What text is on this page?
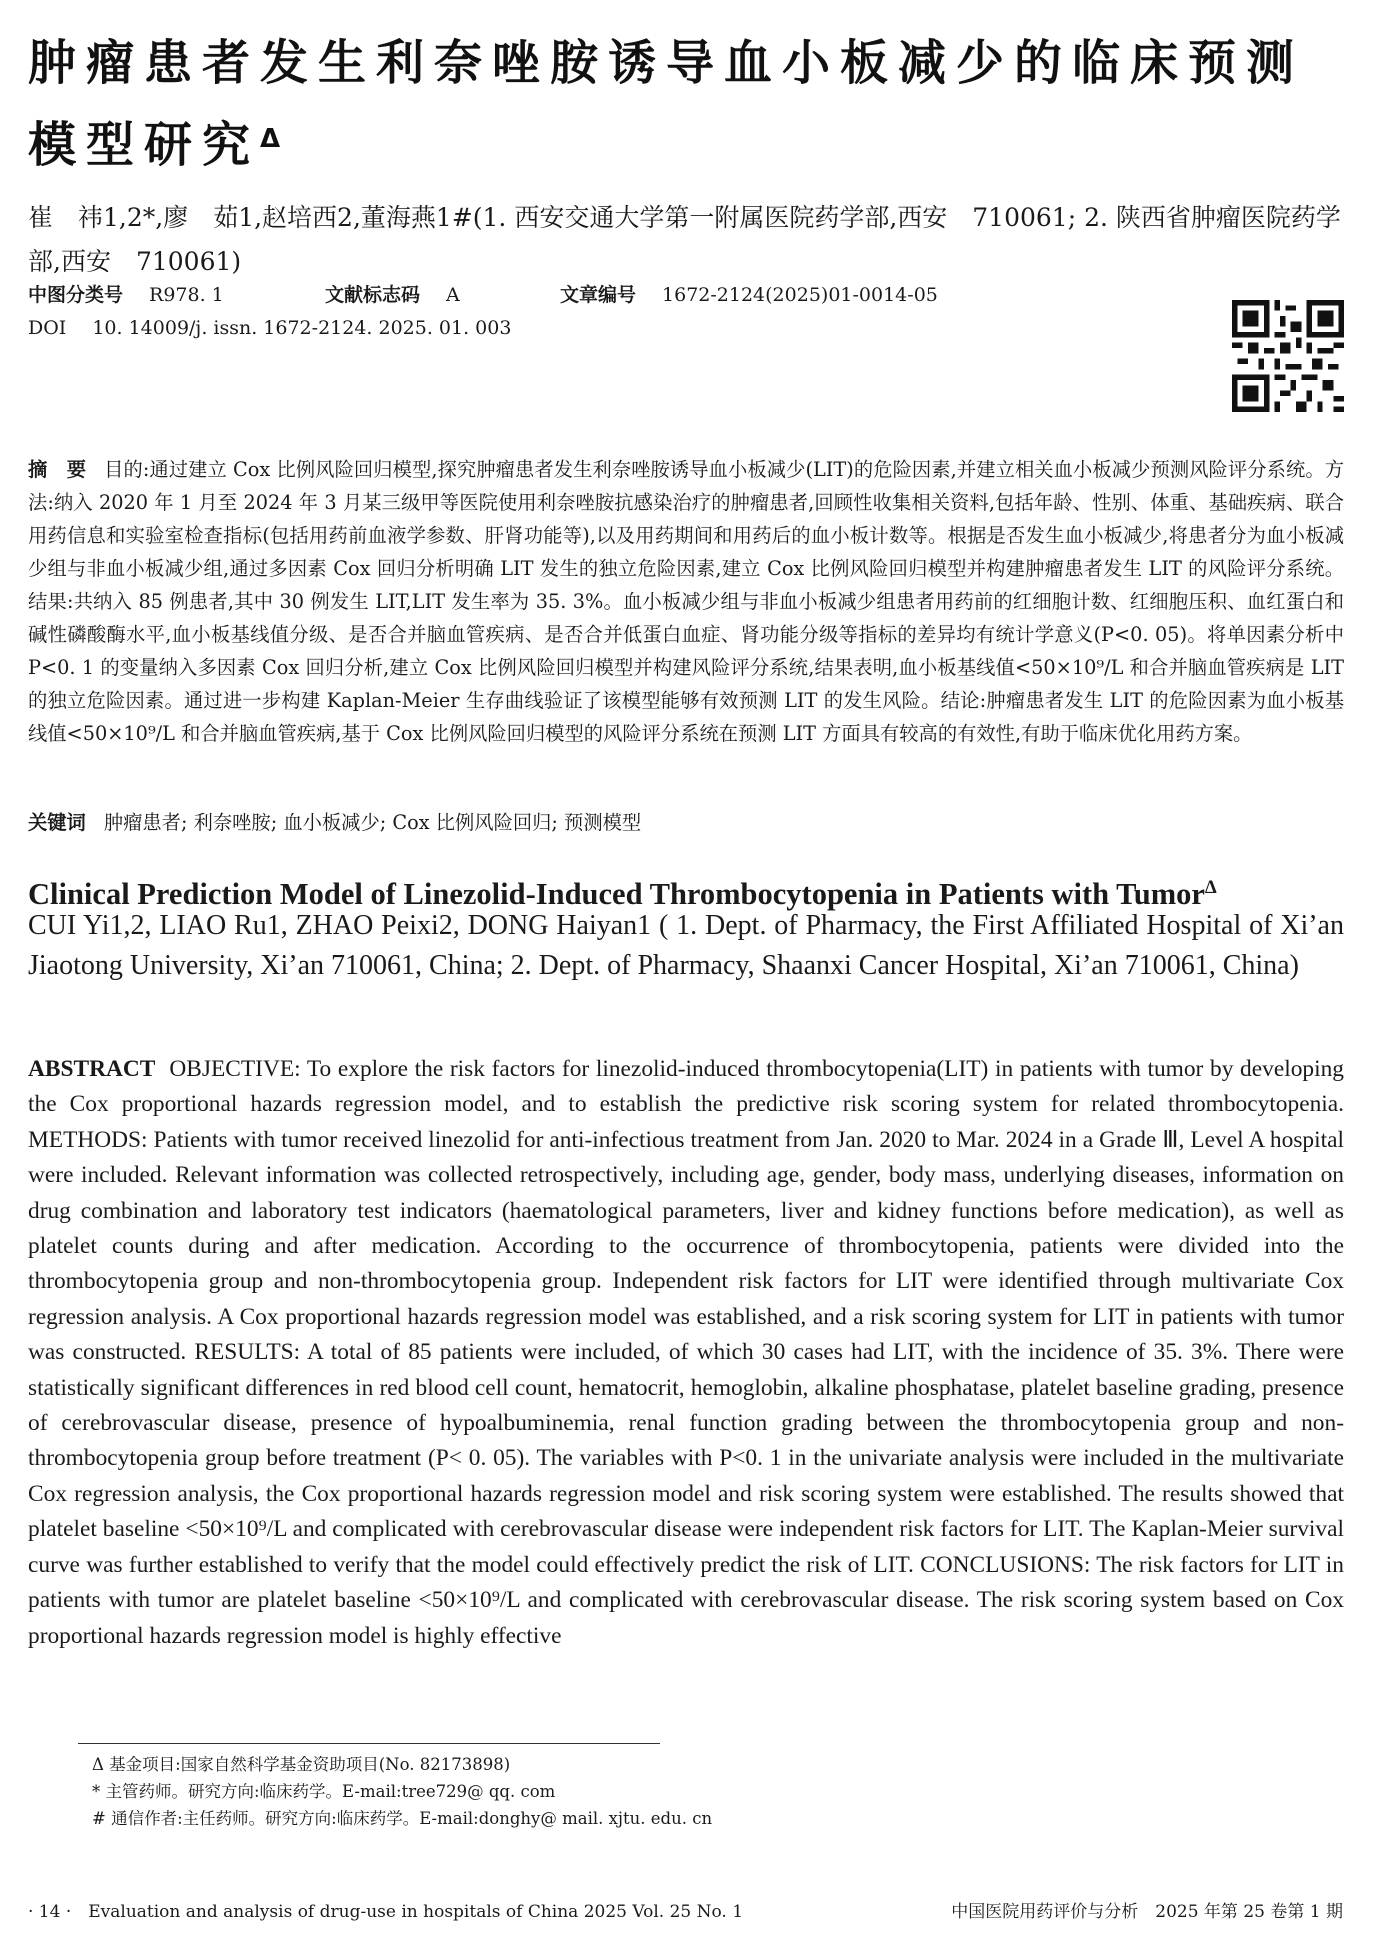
肿瘤患者发生利奈唑胺诱导血小板减少的临床预测模型研究$^\Delta$
崔　祎1,2*,廖　茹1,赵培西2,董海燕1#(1. 西安交通大学第一附属医院药学部,西安　710061; 2. 陕西省肿瘤医院药学部,西安　710061)
中图分类号 R978. 1	文献标志码 A	文章编号 1672-2124(2025)01-0014-05
DOI 10. 14009/j. issn. 1672-2124. 2025. 01. 003
摘　要 目的:通过建立 Cox 比例风险回归模型,探究肿瘤患者发生利奈唑胺诱导血小板减少(LIT)的危险因素,并建立相关血小板减少预测风险评分系统。方法:纳入 2020 年 1 月至 2024 年 3 月某三级甲等医院使用利奈唑胺抗感染治疗的肿瘤患者,回顾性收集相关资料,包括年龄、性别、体重、基础疾病、联合用药信息和实验室检查指标(包括用药前血液学参数、肝肾功能等),以及用药期间和用药后的血小板计数等。根据是否发生血小板减少,将患者分为血小板减少组与非血小板减少组,通过多因素 Cox 回归分析明确 LIT 发生的独立危险因素,建立 Cox 比例风险回归模型并构建肿瘤患者发生 LIT 的风险评分系统。结果:共纳入 85 例患者,其中 30 例发生 LIT,LIT 发生率为 35. 3%。血小板减少组与非血小板减少组患者用药前的红细胞计数、红细胞压积、血红蛋白和碱性磷酸酶水平,血小板基线值分级、是否合并脑血管疾病、是否合并低蛋白血症、肾功能分级等指标的差异均有统计学意义(P<0. 05)。将单因素分析中 P<0. 1 的变量纳入多因素 Cox 回归分析,建立 Cox 比例风险回归模型并构建风险评分系统,结果表明,血小板基线值<50×10⁹/L 和合并脑血管疾病是 LIT 的独立危险因素。通过进一步构建 Kaplan-Meier 生存曲线验证了该模型能够有效预测 LIT 的发生风险。结论:肿瘤患者发生 LIT 的危险因素为血小板基线值<50×10⁹/L 和合并脑血管疾病,基于 Cox 比例风险回归模型的风险评分系统在预测 LIT 方面具有较高的有效性,有助于临床优化用药方案。
关键词 肿瘤患者; 利奈唑胺; 血小板减少; Cox 比例风险回归; 预测模型
Clinical Prediction Model of Linezolid-Induced Thrombocytopenia in Patients with Tumor$^\Delta$
CUI Yi1,2, LIAO Ru1, ZHAO Peixi2, DONG Haiyan1 ( 1. Dept. of Pharmacy, the First Affiliated Hospital of Xi’an Jiaotong University, Xi’an 710061, China; 2. Dept. of Pharmacy, Shaanxi Cancer Hospital, Xi’an 710061, China)
ABSTRACT OBJECTIVE: To explore the risk factors for linezolid-induced thrombocytopenia(LIT) in patients with tumor by developing the Cox proportional hazards regression model, and to establish the predictive risk scoring system for related thrombocytopenia. METHODS: Patients with tumor received linezolid for anti-infectious treatment from Jan. 2020 to Mar. 2024 in a Grade Ⅲ, Level A hospital were included. Relevant information was collected retrospectively, including age, gender, body mass, underlying diseases, information on drug combination and laboratory test indicators (haematological parameters, liver and kidney functions before medication), as well as platelet counts during and after medication. According to the occurrence of thrombocytopenia, patients were divided into the thrombocytopenia group and non-thrombocytopenia group. Independent risk factors for LIT were identified through multivariate Cox regression analysis. A Cox proportional hazards regression model was established, and a risk scoring system for LIT in patients with tumor was constructed. RESULTS: A total of 85 patients were included, of which 30 cases had LIT, with the incidence of 35. 3%. There were statistically significant differences in red blood cell count, hematocrit, hemoglobin, alkaline phosphatase, platelet baseline grading, presence of cerebrovascular disease, presence of hypoalbuminemia, renal function grading between the thrombocytopenia group and non-thrombocytopenia group before treatment (P< 0. 05). The variables with P<0. 1 in the univariate analysis were included in the multivariate Cox regression analysis, the Cox proportional hazards regression model and risk scoring system were established. The results showed that platelet baseline <50×10⁹/L and complicated with cerebrovascular disease were independent risk factors for LIT. The Kaplan-Meier survival curve was further established to verify that the model could effectively predict the risk of LIT. CONCLUSIONS: The risk factors for LIT in patients with tumor are platelet baseline <50×10⁹/L and complicated with cerebrovascular disease. The risk scoring system based on Cox proportional hazards regression model is highly effective
Δ 基金项目:国家自然科学基金资助项目(No. 82173898)
* 主管药师。研究方向:临床药学。E-mail:tree729@ qq. com
# 通信作者:主任药师。研究方向:临床药学。E-mail:donghy@ mail. xjtu. edu. cn
· 14 ·　Evaluation and analysis of drug-use in hospitals of China 2025 Vol. 25 No. 1	中国医院用药评价与分析　2025 年第 25 卷第 1 期
